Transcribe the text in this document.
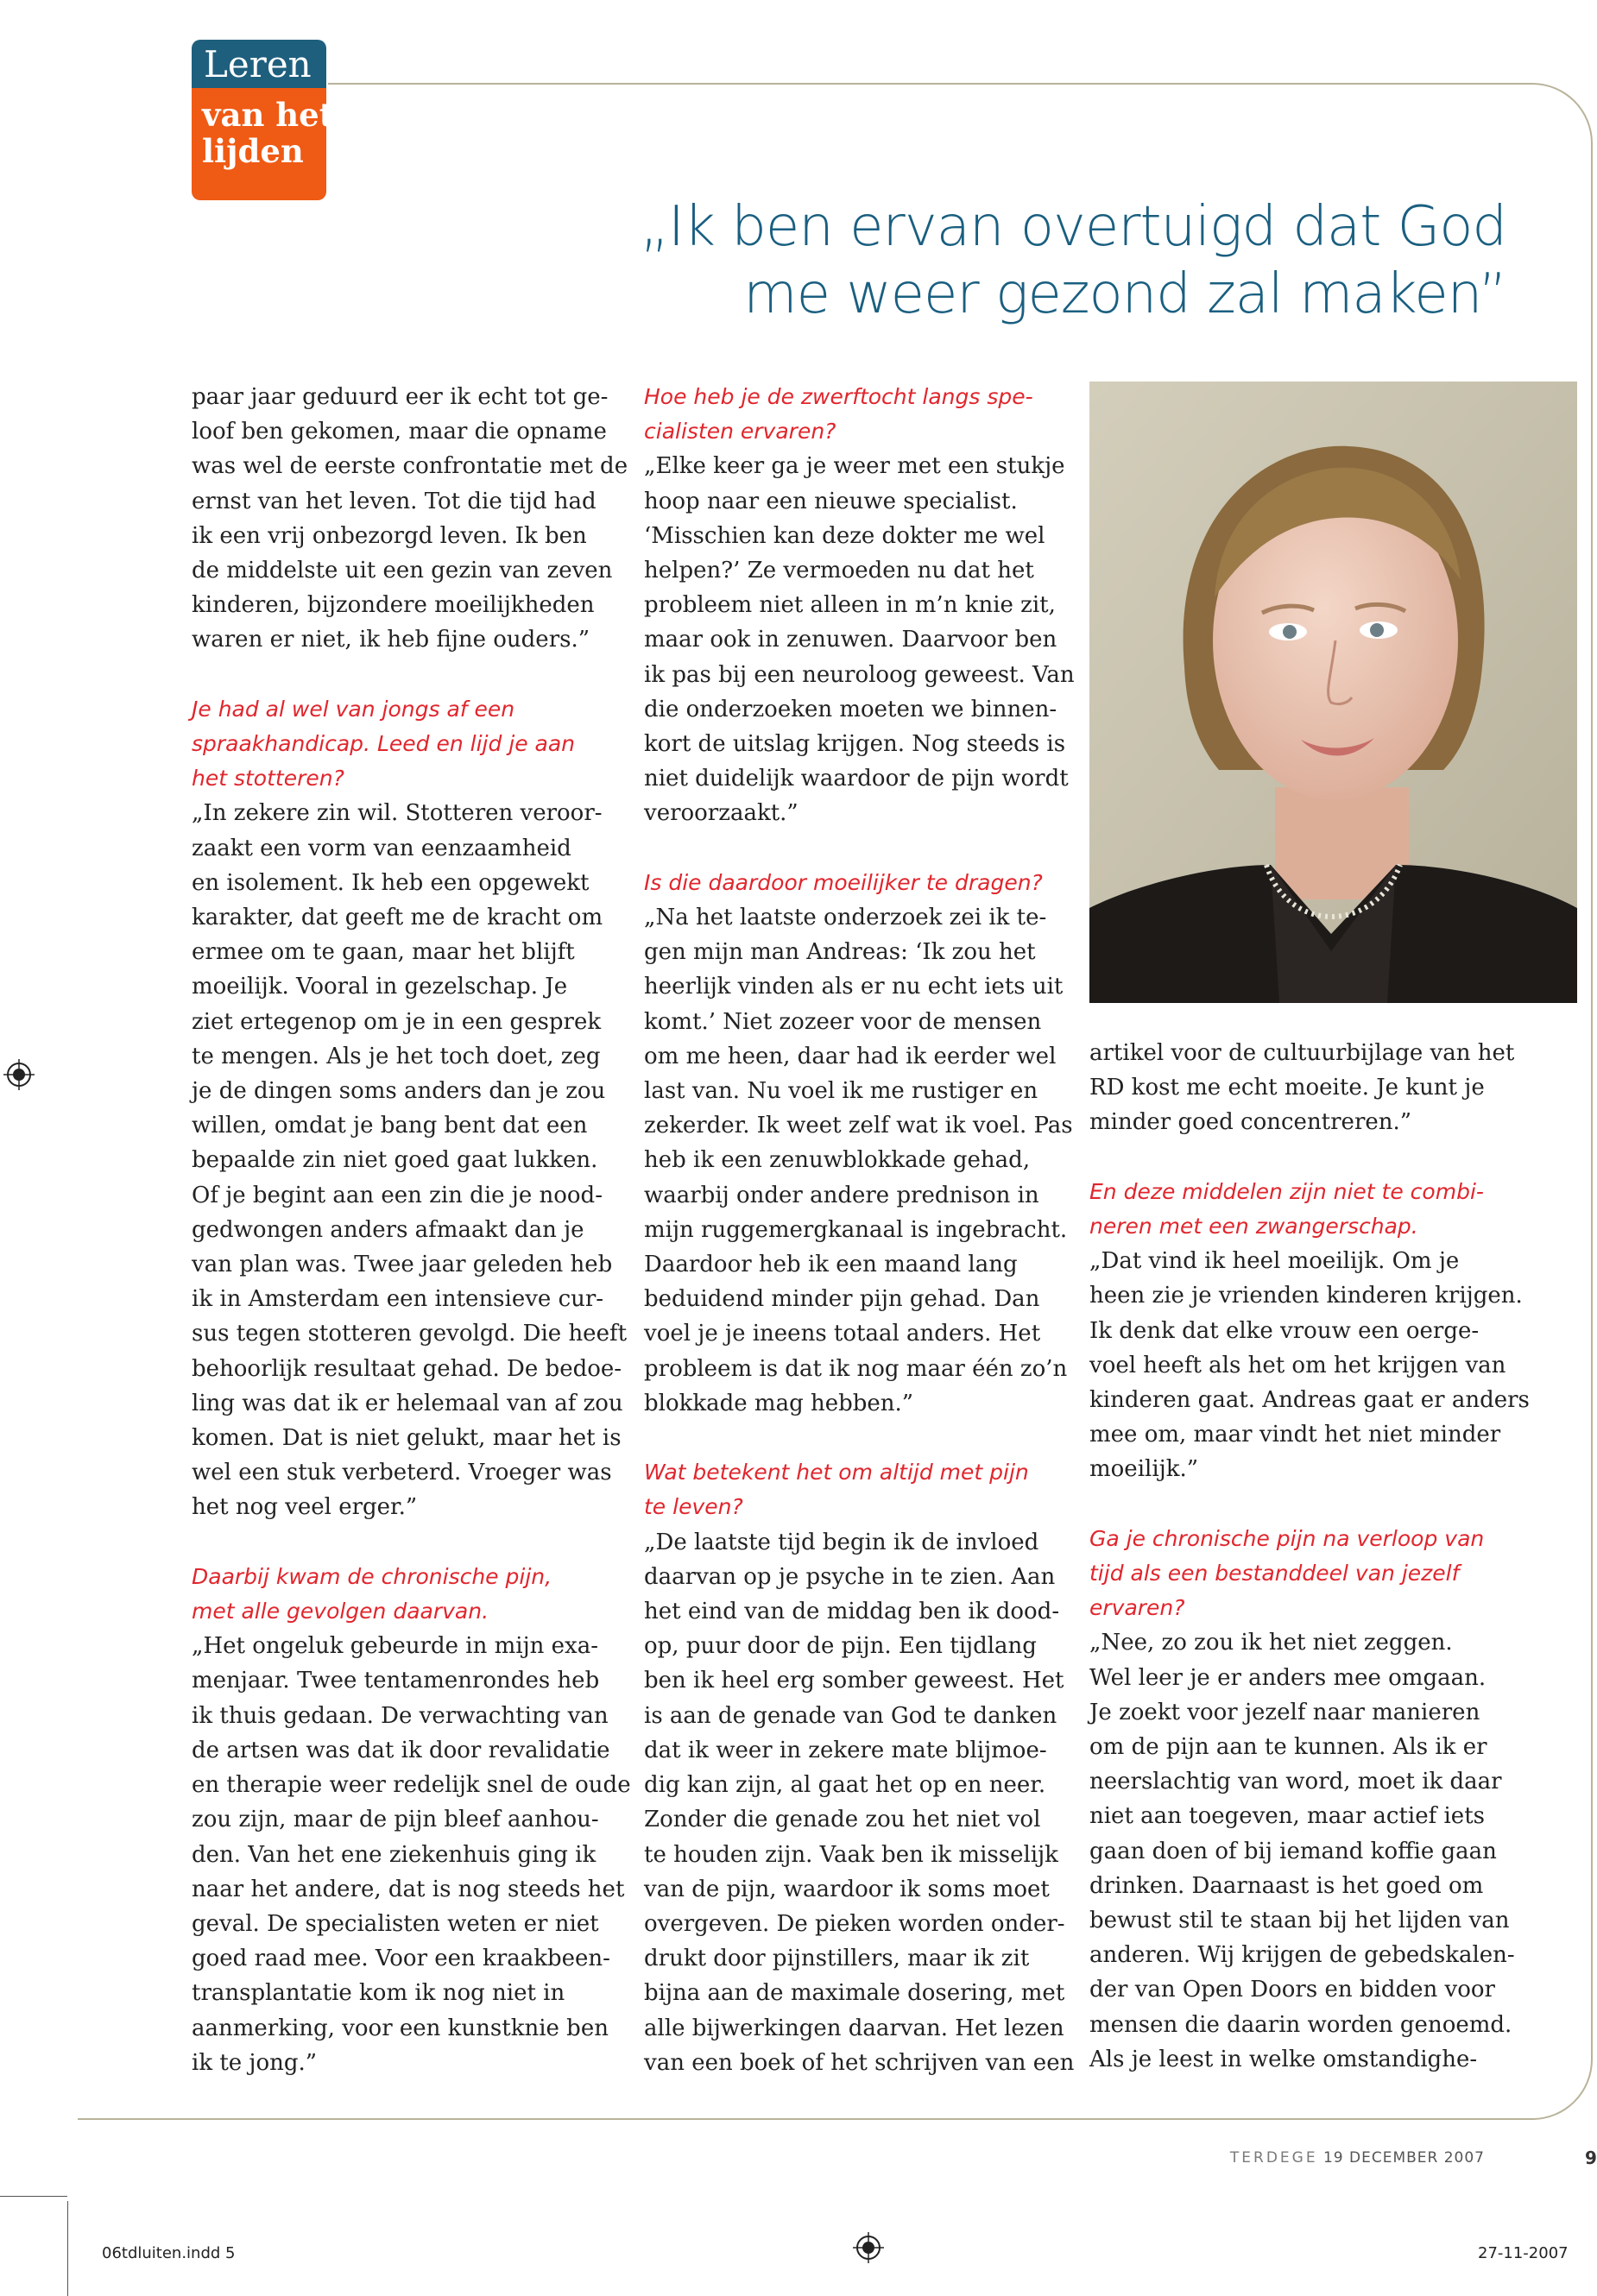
Leren
van het
lijden
„Ik ben ervan overtuigd dat God
me weer gezond zal maken”

paar jaar geduurd eer ik echt tot ge-

loof ben gekomen, maar die opname

was wel de eerste confrontatie met de

ernst van het leven. Tot die tijd had

ik een vrij onbezorgd leven. Ik ben

de middelste uit een gezin van zeven

kinderen, bijzondere moeilijkheden

waren er niet, ik heb fijne ouders.”

Je had al wel van jongs af een

spraakhandicap. Leed en lijd je aan

het stotteren?

„In zekere zin wil. Stotteren veroor-

zaakt een vorm van eenzaamheid

en isolement. Ik heb een opgewekt

karakter, dat geeft me de kracht om

ermee om te gaan, maar het blijft

moeilijk. Vooral in gezelschap. Je

ziet ertegenop om je in een gesprek

te mengen. Als je het toch doet, zeg

je de dingen soms anders dan je zou

willen, omdat je bang bent dat een

bepaalde zin niet goed gaat lukken.

Of je begint aan een zin die je nood-

gedwongen anders afmaakt dan je

van plan was. Twee jaar geleden heb

ik in Amsterdam een intensieve cur-

sus tegen stotteren gevolgd. Die heeft

behoorlijk resultaat gehad. De bedoe-

ling was dat ik er helemaal van af zou

komen. Dat is niet gelukt, maar het is

wel een stuk verbeterd. Vroeger was

het nog veel erger.”

Daarbij kwam de chronische pijn,

met alle gevolgen daarvan.

„Het ongeluk gebeurde in mijn exa-

menjaar. Twee tentamenrondes heb

ik thuis gedaan. De verwachting van

de artsen was dat ik door revalidatie

en therapie weer redelijk snel de oude

zou zijn, maar de pijn bleef aanhou-

den. Van het ene ziekenhuis ging ik

naar het andere, dat is nog steeds het

geval. De specialisten weten er niet

goed raad mee. Voor een kraakbeen-

transplantatie kom ik nog niet in

aanmerking, voor een kunstknie ben

ik te jong.”

Hoe heb je de zwerftocht langs spe-

cialisten ervaren?

„Elke keer ga je weer met een stukje

hoop naar een nieuwe specialist.

‘Misschien kan deze dokter me wel

helpen?’ Ze vermoeden nu dat het

probleem niet alleen in m’n knie zit,

maar ook in zenuwen. Daarvoor ben

ik pas bij een neuroloog geweest. Van

die onderzoeken moeten we binnen-

kort de uitslag krijgen. Nog steeds is

niet duidelijk waardoor de pijn wordt

veroorzaakt.”

Is die daardoor moeilijker te dragen?

„Na het laatste onderzoek zei ik te-

gen mijn man Andreas: ‘Ik zou het

heerlijk vinden als er nu echt iets uit

komt.’ Niet zozeer voor de mensen

om me heen, daar had ik eerder wel

last van. Nu voel ik me rustiger en

zekerder. Ik weet zelf wat ik voel. Pas

heb ik een zenuwblokkade gehad,

waarbij onder andere prednison in

mijn ruggemergkanaal is ingebracht.

Daardoor heb ik een maand lang

beduidend minder pijn gehad. Dan

voel je je ineens totaal anders. Het

probleem is dat ik nog maar één zo’n

blokkade mag hebben.”

Wat betekent het om altijd met pijn

te leven?

„De laatste tijd begin ik de invloed

daarvan op je psyche in te zien. Aan

het eind van de middag ben ik dood-

op, puur door de pijn. Een tijdlang

ben ik heel erg somber geweest. Het

is aan de genade van God te danken

dat ik weer in zekere mate blijmoe-

dig kan zijn, al gaat het op en neer.

Zonder die genade zou het niet vol

te houden zijn. Vaak ben ik misselijk

van de pijn, waardoor ik soms moet

overgeven. De pieken worden onder-

drukt door pijnstillers, maar ik zit

bijna aan de maximale dosering, met

alle bijwerkingen daarvan. Het lezen

van een boek of het schrijven van een

artikel voor de cultuurbijlage van het

RD kost me echt moeite. Je kunt je

minder goed concentreren.”

En deze middelen zijn niet te combi-

neren met een zwangerschap.

„Dat vind ik heel moeilijk. Om je

heen zie je vrienden kinderen krijgen.

Ik denk dat elke vrouw een oerge-

voel heeft als het om het krijgen van

kinderen gaat. Andreas gaat er anders

mee om, maar vindt het niet minder

moeilijk.”

Ga je chronische pijn na verloop van

tijd als een bestanddeel van jezelf

ervaren?

„Nee, zo zou ik het niet zeggen.

Wel leer je er anders mee omgaan.

Je zoekt voor jezelf naar manieren

om de pijn aan te kunnen. Als ik er

neerslachtig van word, moet ik daar

niet aan toegeven, maar actief iets

gaan doen of bij iemand koffie gaan

drinken. Daarnaast is het goed om

bewust stil te staan bij het lijden van

anderen. Wij krijgen de gebedskalen-

der van Open Doors en bidden voor

mensen die daarin worden genoemd.

Als je leest in welke omstandighe-

TERDEGE 19 DECEMBER 2007	9
06tdluiten.indd 5	27-11-2007
